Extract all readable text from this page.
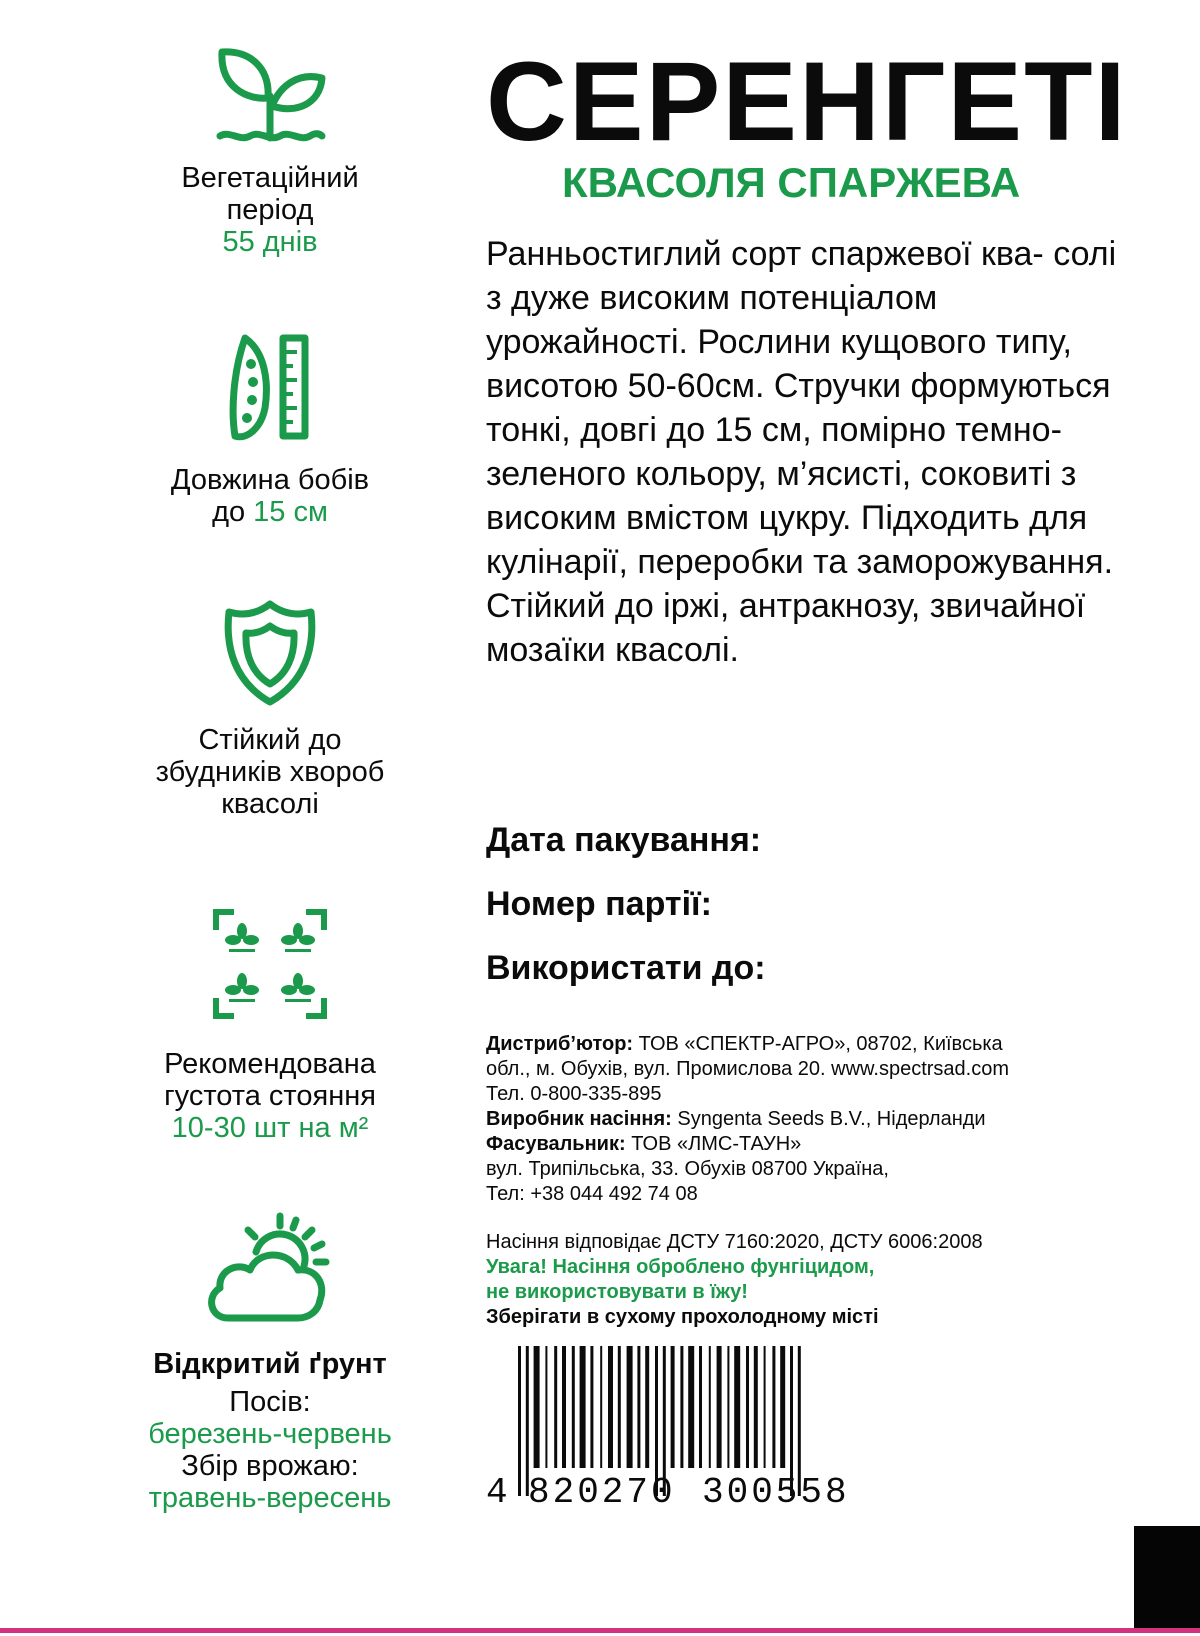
Вегетаційний
період
55 днів
Довжина бобів
до 15 см
Стійкий до
збудників хвороб
квасолі
Рекомендована
густота стояння
10-30 шт на м²
Відкритий ґрунт
Посів:
березень-червень
Збір врожаю:
травень-вересень
СЕРЕНГЕТІ
КВАСОЛЯ СПАРЖЕВА

Ранньостиглий сорт спаржевої ква- солі з дуже високим потенціалом урожайності. Рослини кущового типу, висотою 50-60см. Стручки формуються тонкі, довгі до 15 см, помірно темно-зеленого кольору, м’ясисті, соковиті з високим вмістом цукру. Підходить для кулінарії, переробки та заморожування. Стійкий до іржі, антракнозу, звичайної мозаїки квасолі.

Дата пакування:
Номер партії:
Використати до:
Дистриб’ютор: ТОВ «СПЕКТР-АГРО», 08702, Київська
обл., м. Обухів, вул. Промислова 20. www.spectrsad.com
Тел. 0-800-335-895
Виробник насіння: Syngenta Seeds B.V., Нідерланди
Фасувальник: ТОВ «ЛМС-ТАУН»
вул. Трипільська, 33. Обухів 08700 Україна,
Тел: +38 044 492 74 08
Насіння відповідає ДСТУ 7160:2020, ДСТУ 6006:2008
Увага! Насіння оброблено фунгіцидом,
не використовувати в їжу!
Зберігати в сухому прохолодному місті
4 820270 300558
